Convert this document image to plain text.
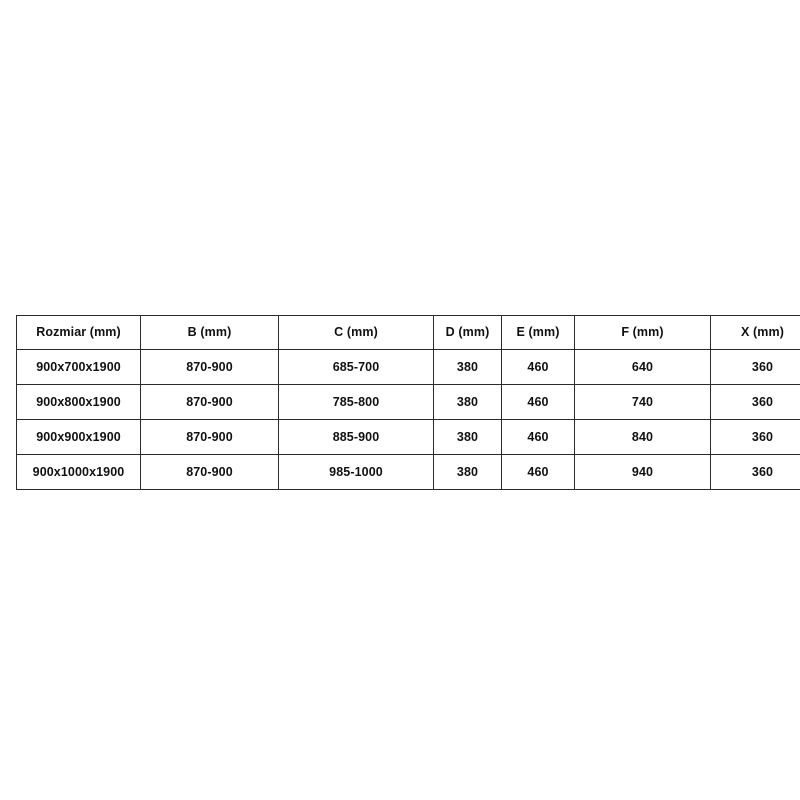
Rozmiar (mm)	B (mm)	C (mm)	D (mm)	E (mm)	F (mm)	X (mm)
900x700x1900	870-900	685-700	380	460	640	360
900x800x1900	870-900	785-800	380	460	740	360
900x900x1900	870-900	885-900	380	460	840	360
900x1000x1900	870-900	985-1000	380	460	940	360
